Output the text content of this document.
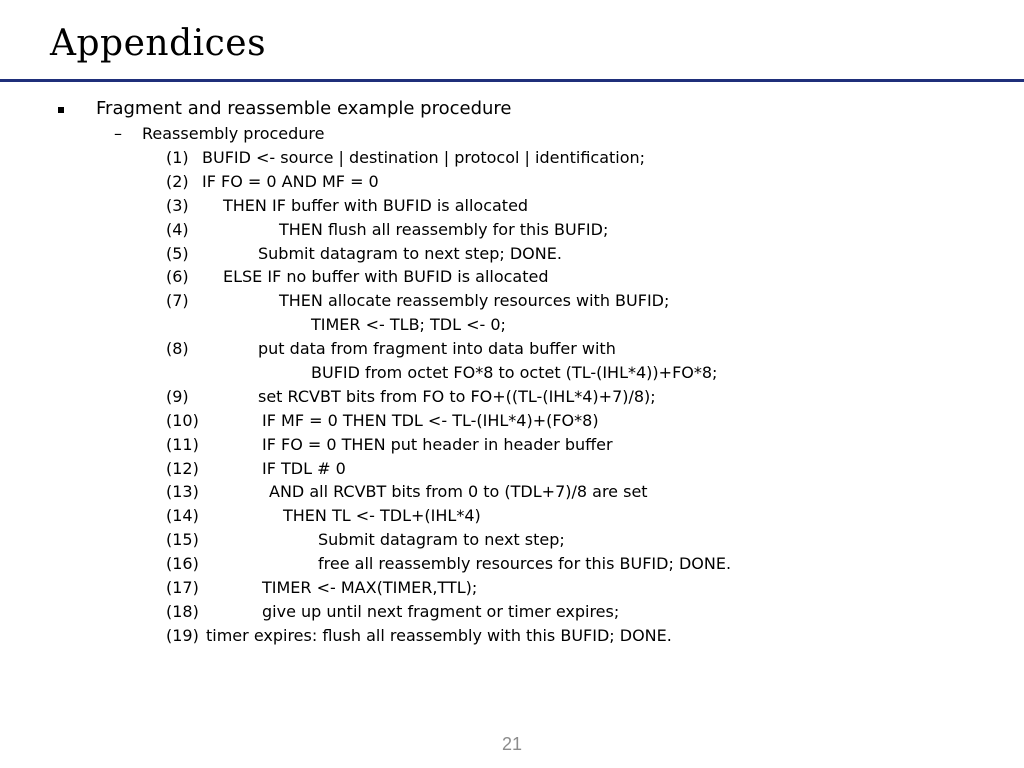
Appendices
Fragment and reassemble example procedure
– Reassembly procedure
(1) BUFID <- source | destination | protocol | identification;
(2) IF FO = 0 AND MF = 0
(3) THEN IF buffer with BUFID is allocated
(4)	THEN flush all reassembly for this BUFID;
(5)	Submit datagram to next step; DONE.
(6) ELSE IF no buffer with BUFID is allocated
(7)	THEN allocate reassembly resources with BUFID;
TIMER <- TLB; TDL <- 0;
(8)	put data from fragment into data buffer with
BUFID from octet FO*8 to octet (TL-(IHL*4))+FO*8;
(9)	set RCVBT bits from FO to FO+((TL-(IHL*4)+7)/8);
(10)	IF MF = 0 THEN TDL <- TL-(IHL*4)+(FO*8)
(11)	IF FO = 0 THEN put header in header buffer
(12)	IF TDL # 0
(13)	AND all RCVBT bits from 0 to (TDL+7)/8 are set
(14)	THEN TL <- TDL+(IHL*4)
(15)	Submit datagram to next step;
(16)	free all reassembly resources for this BUFID; DONE.
(17)	TIMER <- MAX(TIMER,TTL);
(18)	give up until next fragment or timer expires;
(19) timer expires: flush all reassembly with this BUFID; DONE.
21
